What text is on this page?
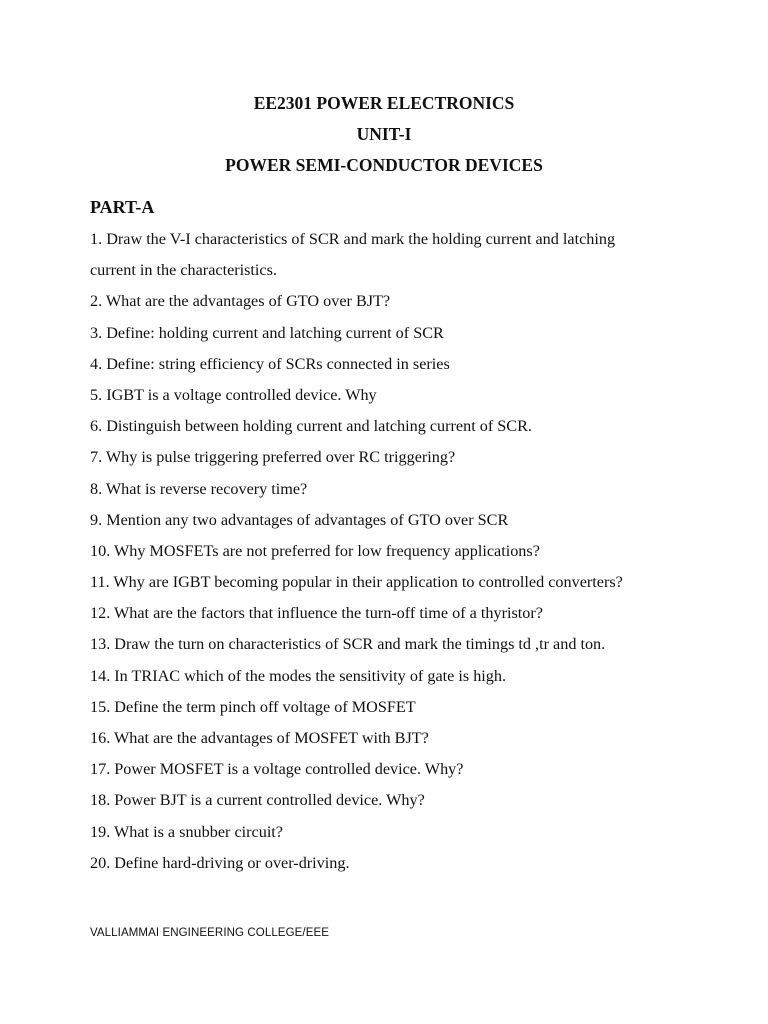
EE2301 POWER ELECTRONICS
UNIT-I
POWER SEMI-CONDUCTOR DEVICES
PART-A
1. Draw the V-I characteristics of SCR and mark the holding current and latching
current in the characteristics.
2. What are the advantages of GTO over BJT?
3. Define: holding current and latching current of SCR
4. Define: string efficiency of SCRs connected in series
5. IGBT is a voltage controlled device. Why
6. Distinguish between holding current and latching current of SCR.
7. Why is pulse triggering preferred over RC triggering?
8. What is reverse recovery time?
9. Mention any two advantages of advantages of GTO over SCR
10. Why MOSFETs are not preferred for low frequency applications?
11. Why are IGBT becoming popular in their application to controlled converters?
12. What are the factors that influence the turn-off time of a thyristor?
13. Draw the turn on characteristics of SCR and mark the timings td ,tr and ton.
14. In TRIAC which of the modes the sensitivity of gate is high.
15. Define the term pinch off voltage of MOSFET
16. What are the advantages of MOSFET with BJT?
17. Power MOSFET is a voltage controlled device. Why?
18. Power BJT is a current controlled device. Why?
19. What is a snubber circuit?
20. Define hard-driving or over-driving.
VALLIAMMAI ENGINEERING COLLEGE/EEE
